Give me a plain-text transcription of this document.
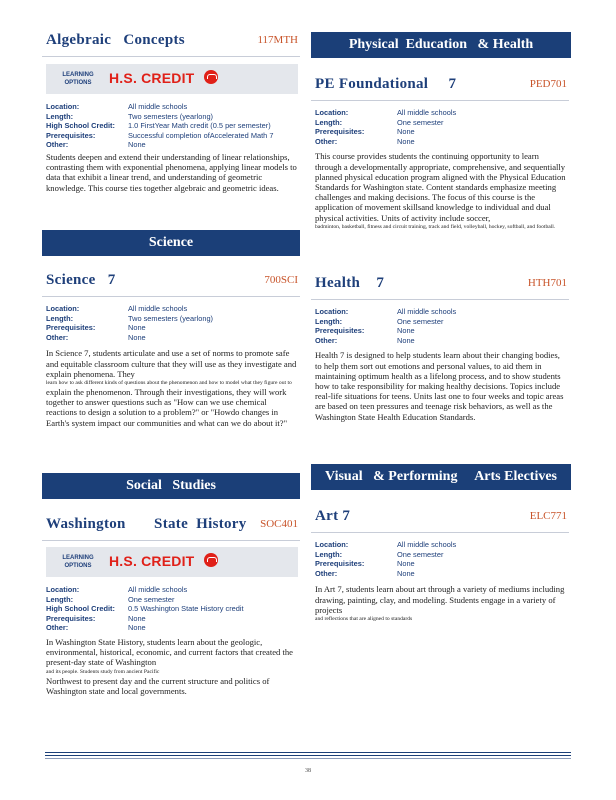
Algebraic   Concepts	117MTH
LEARNING OPTIONS	H.S. CREDIT
Location:	All middle schools
Length:	Two semesters (yearlong)
High School Credit:	1.0 FirstYear Math credit (0.5 per semester)
Prerequisites:	Successful completion ofAccelerated Math 7
Other:	None

Students deepen and extend their understanding of linear relationships, contrasting them with exponential phenomena, applying linear models to data that exhibit a linear trend, and understanding of geometric knowledge. This course ties together algebraic and geometric ideas.

Science
Science   7	700SCI
Location:	All middle schools
Length:	Two semesters (yearlong)
Prerequisites:	None
Other:	None

In Science 7, students articulate and use a set of norms to promote safe and equitable classroom culture that they will use as they investigate and explain phenomena. They

learn how to ask different kinds of questions about the phenomenon and how to model what they figure out to

explain the phenomenon. Through their investigations, they will work together to answer questions such as "How can we use chemical reactions to design a solution to a problem?" or "Howdo changes in Earth's system impact our communities and what can we do about it?"

Social   Studies
Washington       State  History SOC401
LEARNING OPTIONS	H.S. CREDIT
Location:	All middle schools
Length:	One semester
High School Credit:	0.5 Washington State History credit
Prerequisites:	None
Other:	None

In Washington State History, students learn about the geologic, environmental, historical, economic, and current factors that created the present-day state of Washington

and its people. Students study from ancient Pacific

Northwest to present day and the current structure and politics of Washington state and local governments.

Physical  Education   & Health
PE Foundational     7	PED701
Location:	All middle schools
Length:	One semester
Prerequisites:	None
Other:	None

This course provides students the continuing opportunity to learn through a developmentally appropriate, comprehensive, and sequentially planned physical education program aligned with the Physical Education Standards for Washington state. Content standards emphasize meeting challenges and making decisions. The focus of this course is the application of movement skillsand knowledge to individual and dual physical activities. Units of activity include soccer,

badminton, basketball, fitness and circuit training, track and field, volleyball, hockey, softball, and football.

Health    7	HTH701
Location:	All middle schools
Length:	One semester
Prerequisites:	None
Other:	None

Health 7 is designed to help students learn about their changing bodies, to help them sort out emotions and personal values, to aid them in maintaining optimum health as a lifelong process, and to show students how to take responsibility for making healthy decisions. Topics include real-life situations for teens. Units last one to four weeks and topic areas are based on teen pressures and teenage risk behaviors, as well as the Washington State Health Education Standards.

Visual   & Performing     Arts Electives
Art 7	ELC771
Location:	All middle schools
Length:	One semester
Prerequisites:	None
Other:	None

In Art 7, students learn about art through a variety of mediums including drawing, painting, clay, and modeling. Students engage in a variety of projects

and reflections that are aligned to standards

38
